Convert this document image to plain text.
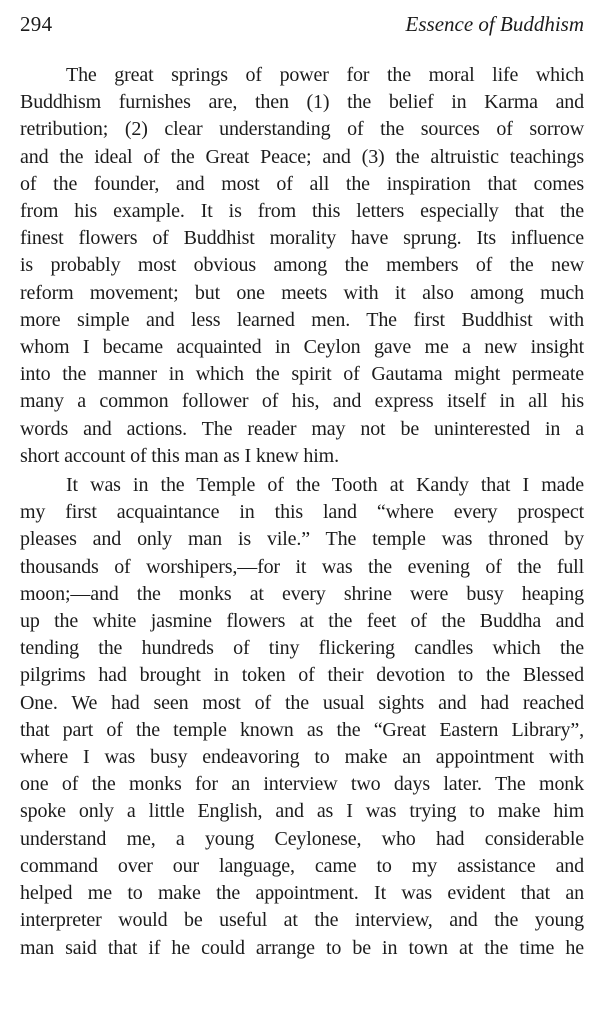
294	Essence of Buddhism

The great springs of power for the moral life which
Buddhism furnishes are, then (1) the belief in Karma and
retribution; (2) clear understanding of the sources of sorrow
and the ideal of the Great Peace; and (3) the altruistic teachings
of the founder, and most of all the inspiration that comes
from his example. It is from this letters especially that the
finest flowers of Buddhist morality have sprung. Its influence
is probably most obvious among the members of the new
reform movement; but one meets with it also among much
more simple and less learned men. The first Buddhist with
whom I became acquainted in Ceylon gave me a new insight
into the manner in which the spirit of Gautama might permeate
many a common follower of his, and express itself in all his
words and actions. The reader may not be uninterested in a
short account of this man as I knew him.

It was in the Temple of the Tooth at Kandy that I made
my first acquaintance in this land “where every prospect
pleases and only man is vile.” The temple was throned by
thousands of worshipers,—for it was the evening of the full
moon;—and the monks at every shrine were busy heaping
up the white jasmine flowers at the feet of the Buddha and
tending the hundreds of tiny flickering candles which the
pilgrims had brought in token of their devotion to the Blessed
One. We had seen most of the usual sights and had reached
that part of the temple known as the “Great Eastern Library”,
where I was busy endeavoring to make an appointment with
one of the monks for an interview two days later. The monk
spoke only a little English, and as I was trying to make him
understand me, a young Ceylonese, who had considerable
command over our language, came to my assistance and
helped me to make the appointment. It was evident that an
interpreter would be useful at the interview, and the young
man said that if he could arrange to be in town at the time he
